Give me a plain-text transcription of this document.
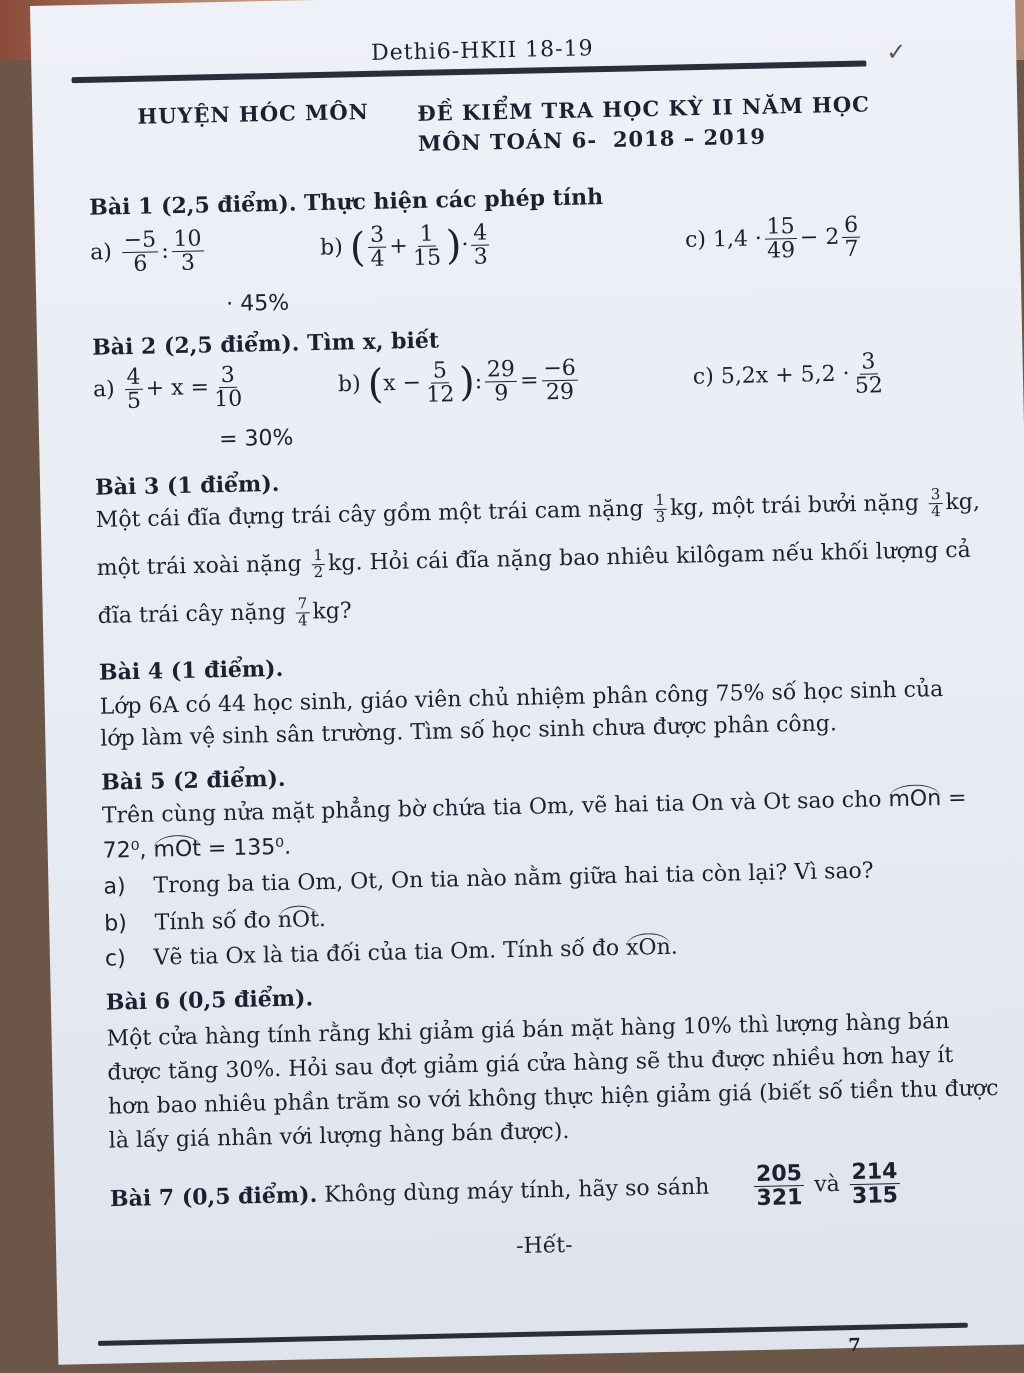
Dethi6-HKII 18-19	✓
HUYỆN HÓC MÔN ĐỀ KIỂM TRA HỌC KỲ II NĂM HỌC
MÔN TOÁN 6- 2018 – 2019
Bài 1 (2,5 điểm). Thực hiện các phép tính
$a) \frac{-5}{6}$ : $\frac{10}{3}$
· 45%
b) ( $\frac{3}{4} + \frac{1}{15}$ )· $\frac{4}{3}$	c) $1,4 \cdot \frac{15}{49} - 2 \frac{6}{7}$
Bài 2 (2,5 điểm). Tìm x, biết
$a) \frac{4}{5} + x = \frac{3}{10}$
= 30%
b) ($x - \frac{5}{12}$ ): $\frac{29}{9} = \frac{-6}{29}$	c) $5,2x + 5,2 \cdot \frac{3}{52}$
Bài 3 (1 điểm).
Một cái đĩa đựng trái cây gồm một trái cam nặng $\frac{1}{3}$ kg, một trái bưởi nặng $\frac{3}{4}$ kg,
một trái xoài nặng $\frac{1}{2}$ kg. Hỏi cái đĩa nặng bao nhiêu kilôgam nếu khối lượng cả
đĩa trái cây nặng $\frac{7}{4}$ kg?
Bài 4 (1 điểm).
Lớp 6A có 44 học sinh, giáo viên chủ nhiệm phân công 75% số học sinh của
lớp làm vệ sinh sân trường. Tìm số học sinh chưa được phân công.
Bài 5 (2 điểm).
Trên cùng nửa mặt phẳng bờ chứa tia Om, vẽ hai tia On và Ot sao cho mOn =
72⁰, mOt = 135⁰.
a) Trong ba tia Om, Ot, On tia nào nằm giữa hai tia còn lại? Vì sao?
b) Tính số đo nOt.
c) Vẽ tia Ox là tia đối của tia Om. Tính số đo xOn.
Bài 6 (0,5 điểm).
Một cửa hàng tính rằng khi giảm giá bán mặt hàng 10% thì lượng hàng bán
được tăng 30%. Hỏi sau đợt giảm giá cửa hàng sẽ thu được nhiều hơn hay ít
hơn bao nhiêu phần trăm so với không thực hiện giảm giá (biết số tiền thu được
là lấy giá nhân với lượng hàng bán được).
Bài 7 (0,5 điểm). Không dùng máy tính, hãy so sánh $\frac{205}{321}$ và $\frac{214}{315}$
-Hết-
7
